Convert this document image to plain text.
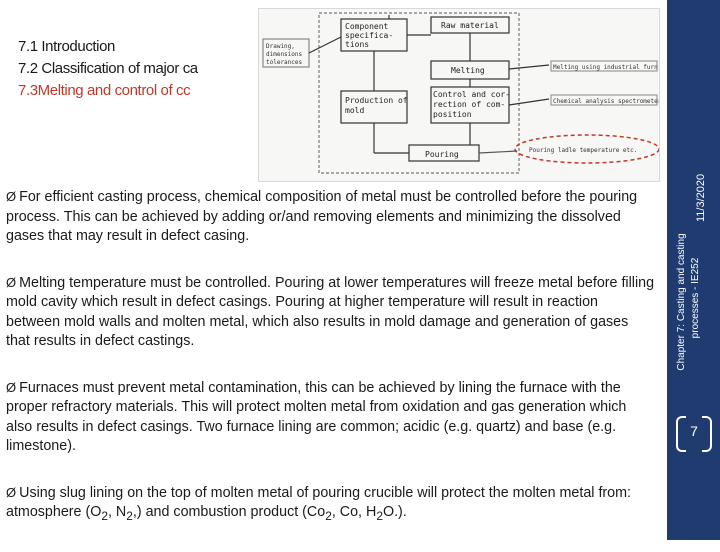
7.1 Introduction
7.2 Classification of major ca
7.3Melting and control of cc
Component
specifica-
tions
Raw material
Melting
Production of
mold
Control and cor-
rection of com-
position
Pouring
Drawing,
dimensions
tolerances
Melting using industrial furn
Chemical analysis spectrometer
Pouring ladle temperature etc.
Ø For efficient casting process, chemical composition of metal must be controlled before the pouring process. This can be achieved by adding or/and removing elements and minimizing the dissolved gases that may result in defect casing.
Ø Melting temperature must be controlled. Pouring at lower temperatures will freeze metal before filling mold cavity which result in defect casings. Pouring at higher temperature will result in reaction between mold walls and molten metal, which also results in mold damage and generation of gases that results in defect castings.
Ø Furnaces must prevent metal contamination, this can be achieved by lining the furnace with the proper refractory materials. This will protect molten metal from oxidation and gas generation which also results in defect casings. Two furnace lining are common; acidic (e.g. quartz) and base (e.g. limestone).
Ø Using slug lining on the top of molten metal of pouring crucible will protect the molten metal from: atmosphere ($O_2$, $N_2$,) and combustion product ($Co_2$, Co, $H_2O$.).
Chapter 7: Casting and casting processes - IE252
11/3/2020
7
